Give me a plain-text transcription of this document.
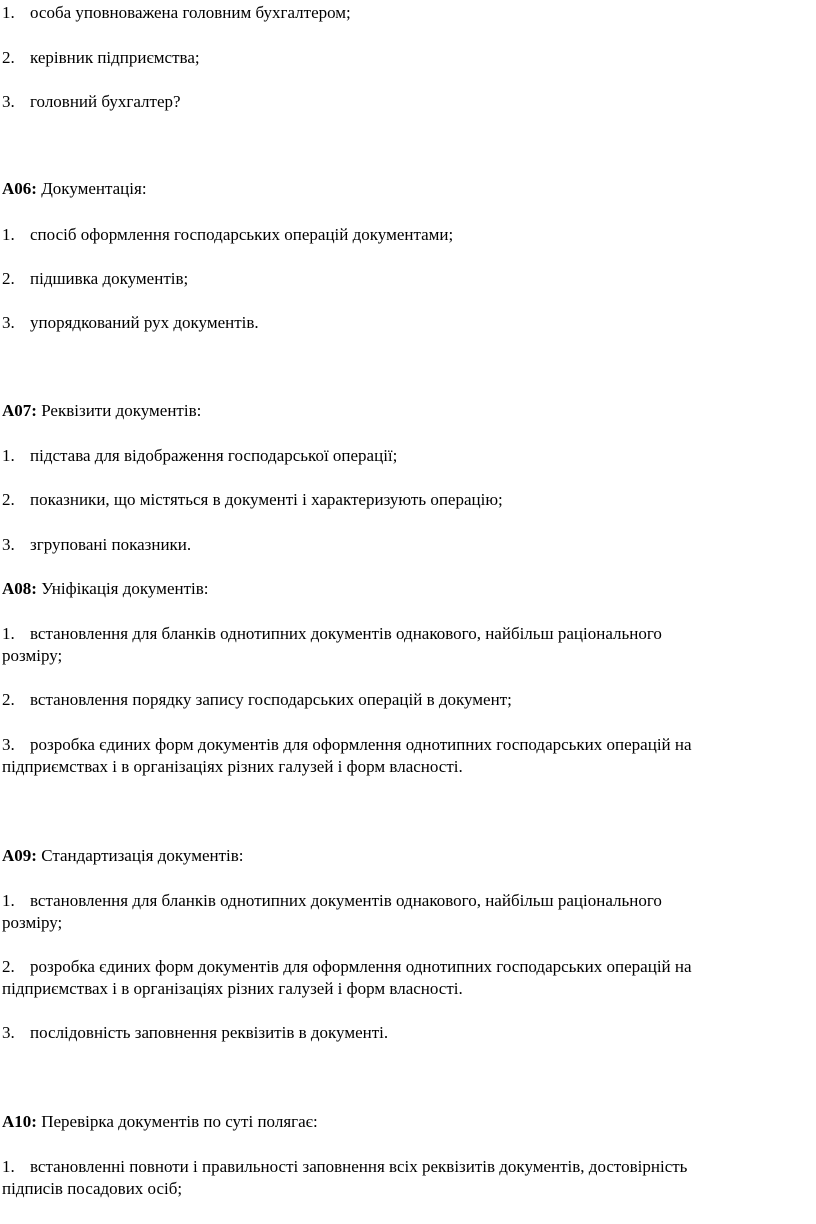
1. особа уповноважена головним бухгалтером;
2. керівник підприємства;
3. головний бухгалтер?
A06: Документація:
1. спосіб оформлення господарських операцій документами;
2. підшивка документів;
3. упорядкований рух документів.
A07: Реквізити документів:
1. підстава для відображення господарської операції;
2. показники, що містяться в документі і характеризують операцію;
3. згруповані показники.
A08: Уніфікація документів:
1. встановлення для бланків однотипних документів однакового, найбільш раціонального
розміру;
2. встановлення порядку запису господарських операцій в документ;
3. розробка єдиних форм документів для оформлення однотипних господарських операцій на
підприємствах і в організаціях різних галузей і форм власності.
A09: Стандартизація документів:
1. встановлення для бланків однотипних документів однакового, найбільш раціонального
розміру;
2. розробка єдиних форм документів для оформлення однотипних господарських операцій на
підприємствах і в організаціях різних галузей і форм власності.
3. послідовність заповнення реквізитів в документі.
A10: Перевірка документів по суті полягає:
1. встановленні повноти і правильності заповнення всіх реквізитів документів, достовірність
підписів посадових осіб;
